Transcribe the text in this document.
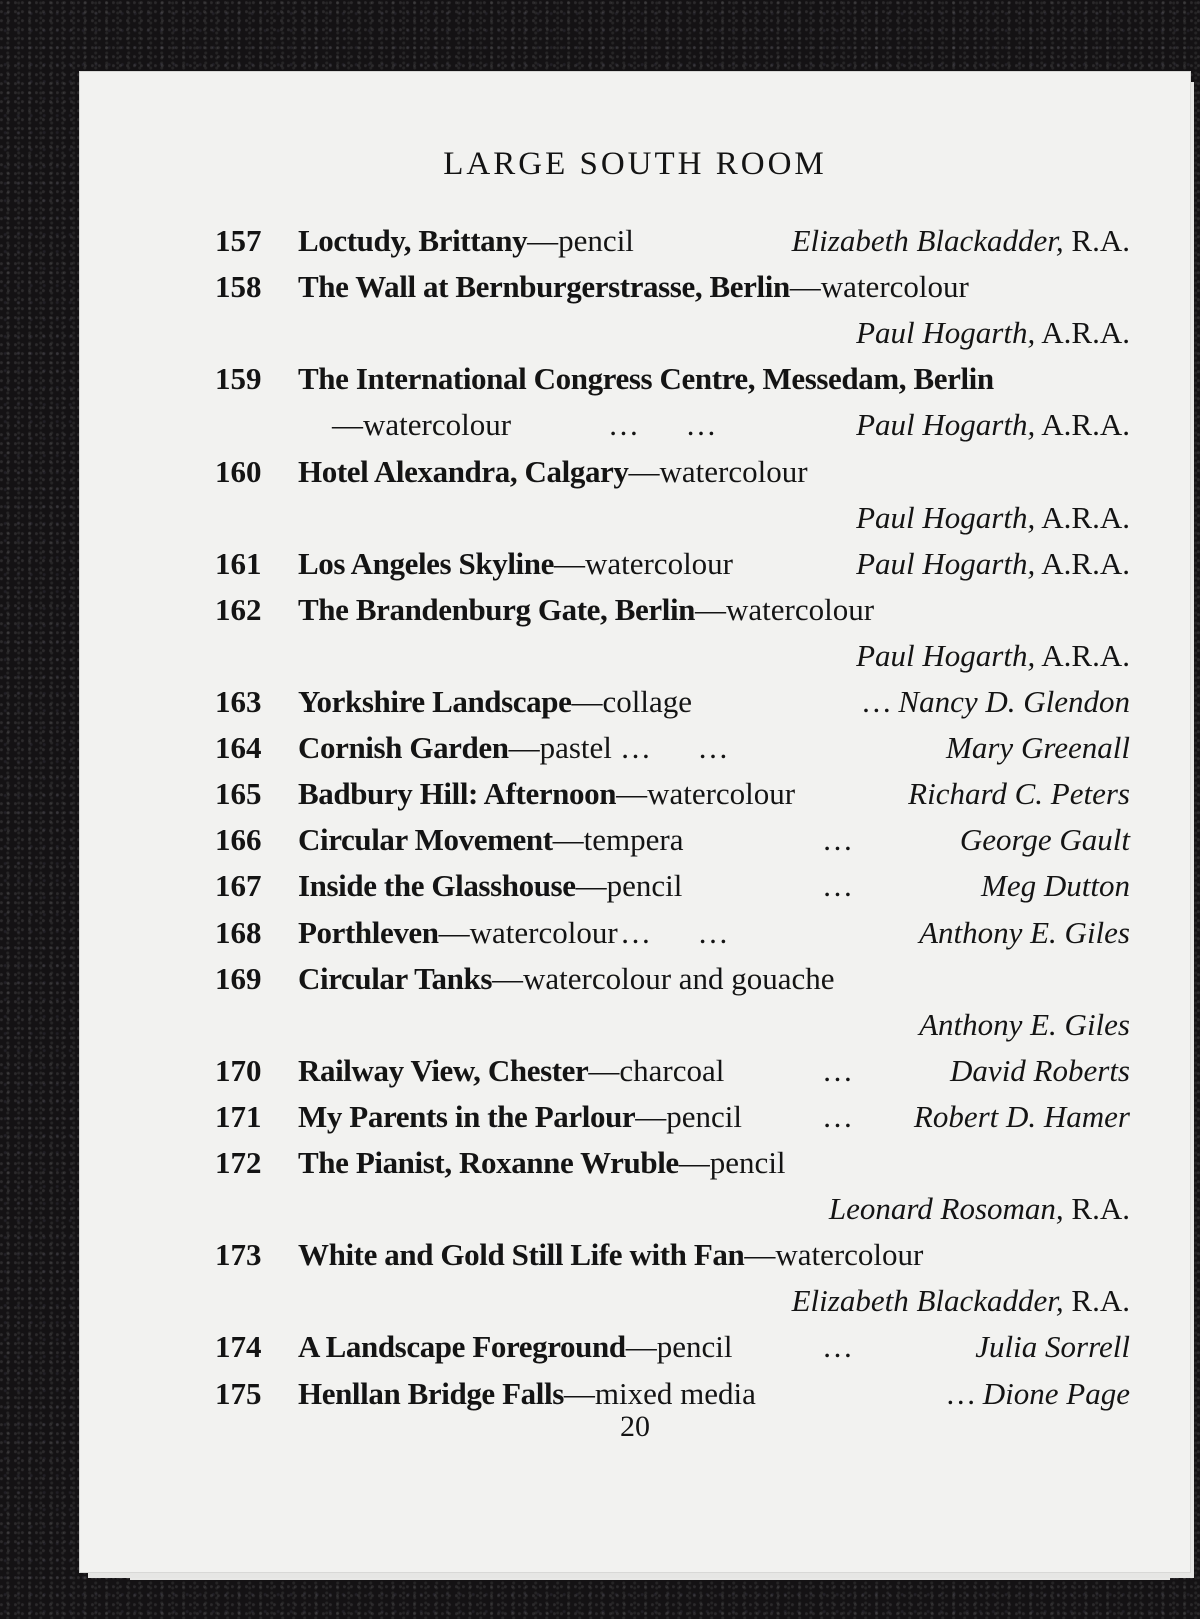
LARGE SOUTH ROOM
157 Loctudy, Brittany—pencil	Elizabeth Blackadder, R.A.
158 The Wall at Bernburgerstrasse, Berlin—watercolour
Paul Hogarth, A.R.A.
159 The International Congress Centre, Messedam, Berlin
—watercolour	…      …	Paul Hogarth, A.R.A.
160 Hotel Alexandra, Calgary—watercolour
Paul Hogarth, A.R.A.
161 Los Angeles Skyline—watercolour	Paul Hogarth, A.R.A.
162 The Brandenburg Gate, Berlin—watercolour
Paul Hogarth, A.R.A.
163 Yorkshire Landscape—collage	… Nancy D. Glendon
164 Cornish Garden—pastel …      …	Mary Greenall
165 Badbury Hill: Afternoon—watercolour	Richard C. Peters
166 Circular Movement—tempera	…	George Gault
167 Inside the Glasshouse—pencil	…	Meg Dutton
168 Porthleven—watercolour …      …	Anthony E. Giles
169 Circular Tanks—watercolour and gouache
Anthony E. Giles
170 Railway View, Chester—charcoal	…	David Roberts
171 My Parents in the Parlour—pencil	… Robert D. Hamer
172 The Pianist, Roxanne Wruble—pencil
Leonard Rosoman, R.A.
173 White and Gold Still Life with Fan—watercolour
Elizabeth Blackadder, R.A.
174 A Landscape Foreground—pencil	…	Julia Sorrell
175 Henllan Bridge Falls—mixed media	… Dione Page
20
